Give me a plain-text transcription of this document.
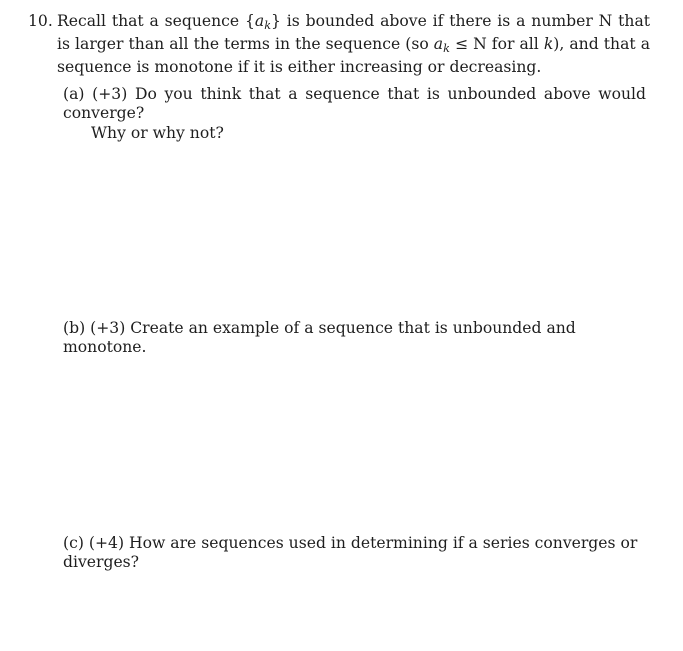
10. Recall that a sequence $\{a_k\}$ is bounded above if there is a number N that is larger than all the terms in the sequence (so $a_k \le N$ for all k), and that a sequence is monotone if it is either increasing or decreasing.
(a) (+3) Do you think that a sequence that is unbounded above would converge?
Why or why not?
(b) (+3) Create an example of a sequence that is unbounded and monotone.
(c) (+4) How are sequences used in determining if a series converges or diverges?
